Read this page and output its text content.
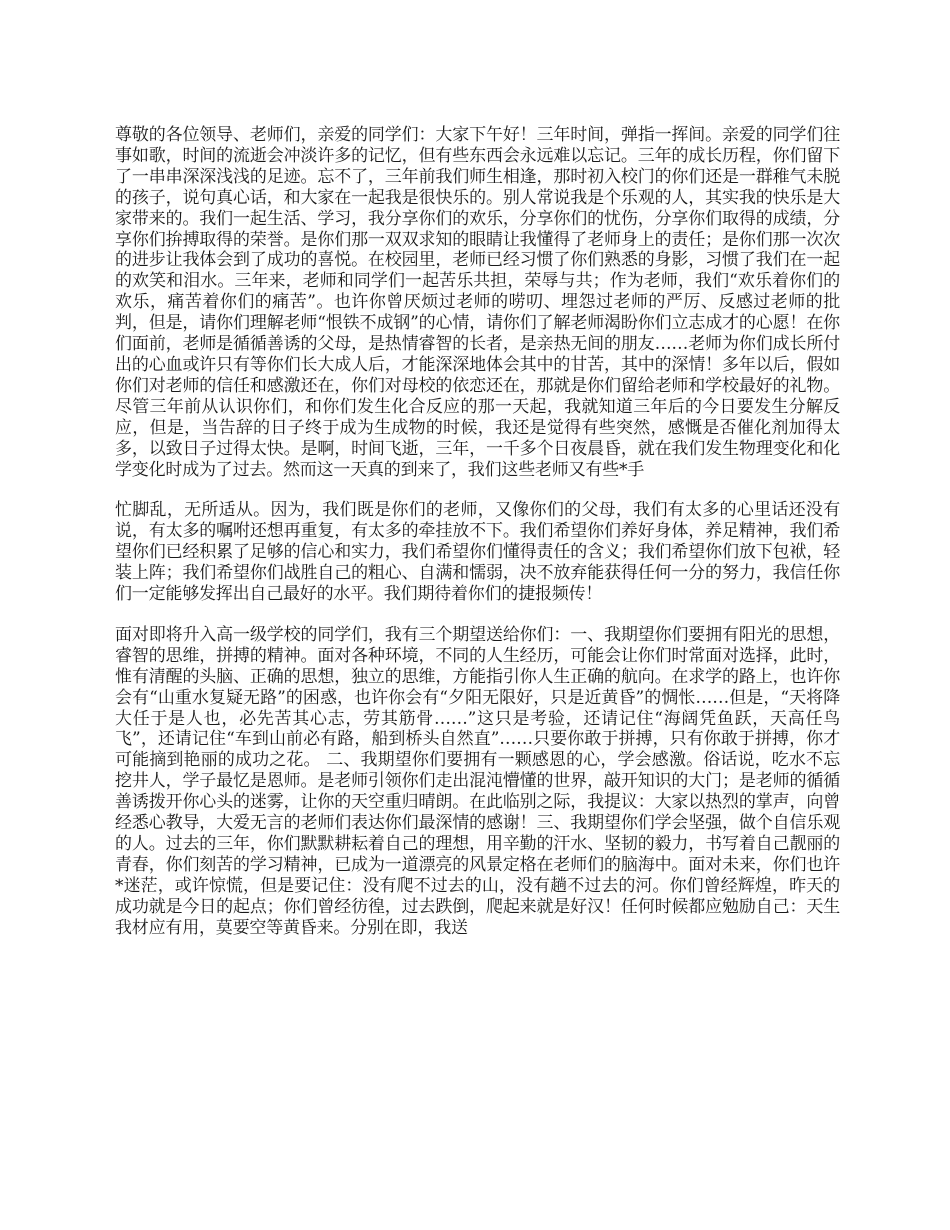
尊敬的各位领导、老师们，亲爱的同学们：大家下午好！三年时间，弹指一挥间。亲爱的同学们往事如歌，时间的流逝会冲淡许多的记忆，但有些东西会永远难以忘记。三年的成长历程，你们留下了一串串深深浅浅的足迹。忘不了，三年前我们师生相逢，那时初入校门的你们还是一群稚气未脱的孩子，说句真心话，和大家在一起我是很快乐的。别人常说我是个乐观的人，其实我的快乐是大家带来的。我们一起生活、学习，我分享你们的欢乐，分享你们的忧伤，分享你们取得的成绩，分享你们拚搏取得的荣誉。是你们那一双双求知的眼睛让我懂得了老师身上的责任；是你们那一次次的进步让我体会到了成功的喜悦。在校园里，老师已经习惯了你们熟悉的身影，习惯了我们在一起的欢笑和泪水。三年来，老师和同学们一起苦乐共担，荣辱与共；作为老师，我们“欢乐着你们的欢乐，痛苦着你们的痛苦”。也许你曾厌烦过老师的唠叨、埋怨过老师的严厉、反感过老师的批判，但是，请你们理解老师“恨铁不成钢”的心情，请你们了解老师渴盼你们立志成才的心愿！在你们面前，老师是循循善诱的父母，是热情睿智的长者，是亲热无间的朋友……老师为你们成长所付出的心血或许只有等你们长大成人后，才能深深地体会其中的甘苦，其中的深情！多年以后，假如你们对老师的信任和感激还在，你们对母校的依恋还在，那就是你们留给老师和学校最好的礼物。尽管三年前从认识你们，和你们发生化合反应的那一天起，我就知道三年后的今日要发生分解反应，但是，当告辞的日子终于成为生成物的时候，我还是觉得有些突然，感慨是否催化剂加得太多，以致日子过得太快。是啊，时间飞逝，三年，一千多个日夜晨昏，就在我们发生物理变化和化学变化时成为了过去。然而这一天真的到来了，我们这些老师又有些*手

忙脚乱，无所适从。因为，我们既是你们的老师，又像你们的父母，我们有太多的心里话还没有说，有太多的嘱咐还想再重复，有太多的牵挂放不下。我们希望你们养好身体，养足精神，我们希望你们已经积累了足够的信心和实力，我们希望你们懂得责任的含义；我们希望你们放下包袱，轻装上阵；我们希望你们战胜自己的粗心、自满和懦弱，决不放弃能获得任何一分的努力，我信任你们一定能够发挥出自己最好的水平。我们期待着你们的捷报频传！

面对即将升入高一级学校的同学们，我有三个期望送给你们：一、我期望你们要拥有阳光的思想，睿智的思维，拼搏的精神。面对各种环境，不同的人生经历，可能会让你们时常面对选择，此时，惟有清醒的头脑、正确的思想，独立的思维，方能指引你人生正确的航向。在求学的路上，也许你会有“山重水复疑无路”的困惑，也许你会有“夕阳无限好，只是近黄昏”的惆怅……但是，“天将降大任于是人也，必先苦其心志，劳其筋骨……”这只是考验，还请记住“海阔凭鱼跃，天高任鸟飞”，还请记住“车到山前必有路，船到桥头自然直”……只要你敢于拼搏，只有你敢于拼搏，你才可能摘到艳丽的成功之花。 二、我期望你们要拥有一颗感恩的心，学会感激。俗话说，吃水不忘挖井人，学子最忆是恩师。是老师引领你们走出混沌懵懂的世界，敲开知识的大门；是老师的循循善诱拨开你心头的迷雾，让你的天空重归晴朗。在此临别之际，我提议：大家以热烈的掌声，向曾经悉心教导，大爱无言的老师们表达你们最深情的感谢！三、我期望你们学会坚强，做个自信乐观的人。过去的三年，你们默默耕耘着自己的理想，用辛勤的汗水、坚韧的毅力，书写着自己靓丽的青春，你们刻苦的学习精神，已成为一道漂亮的风景定格在老师们的脑海中。面对未来，你们也许*迷茫，或许惊慌，但是要记住：没有爬不过去的山，没有趟不过去的河。你们曾经辉煌，昨天的成功就是今日的起点；你们曾经彷徨，过去跌倒，爬起来就是好汉！任何时候都应勉励自己：天生我材应有用，莫要空等黄昏来。分别在即，我送
